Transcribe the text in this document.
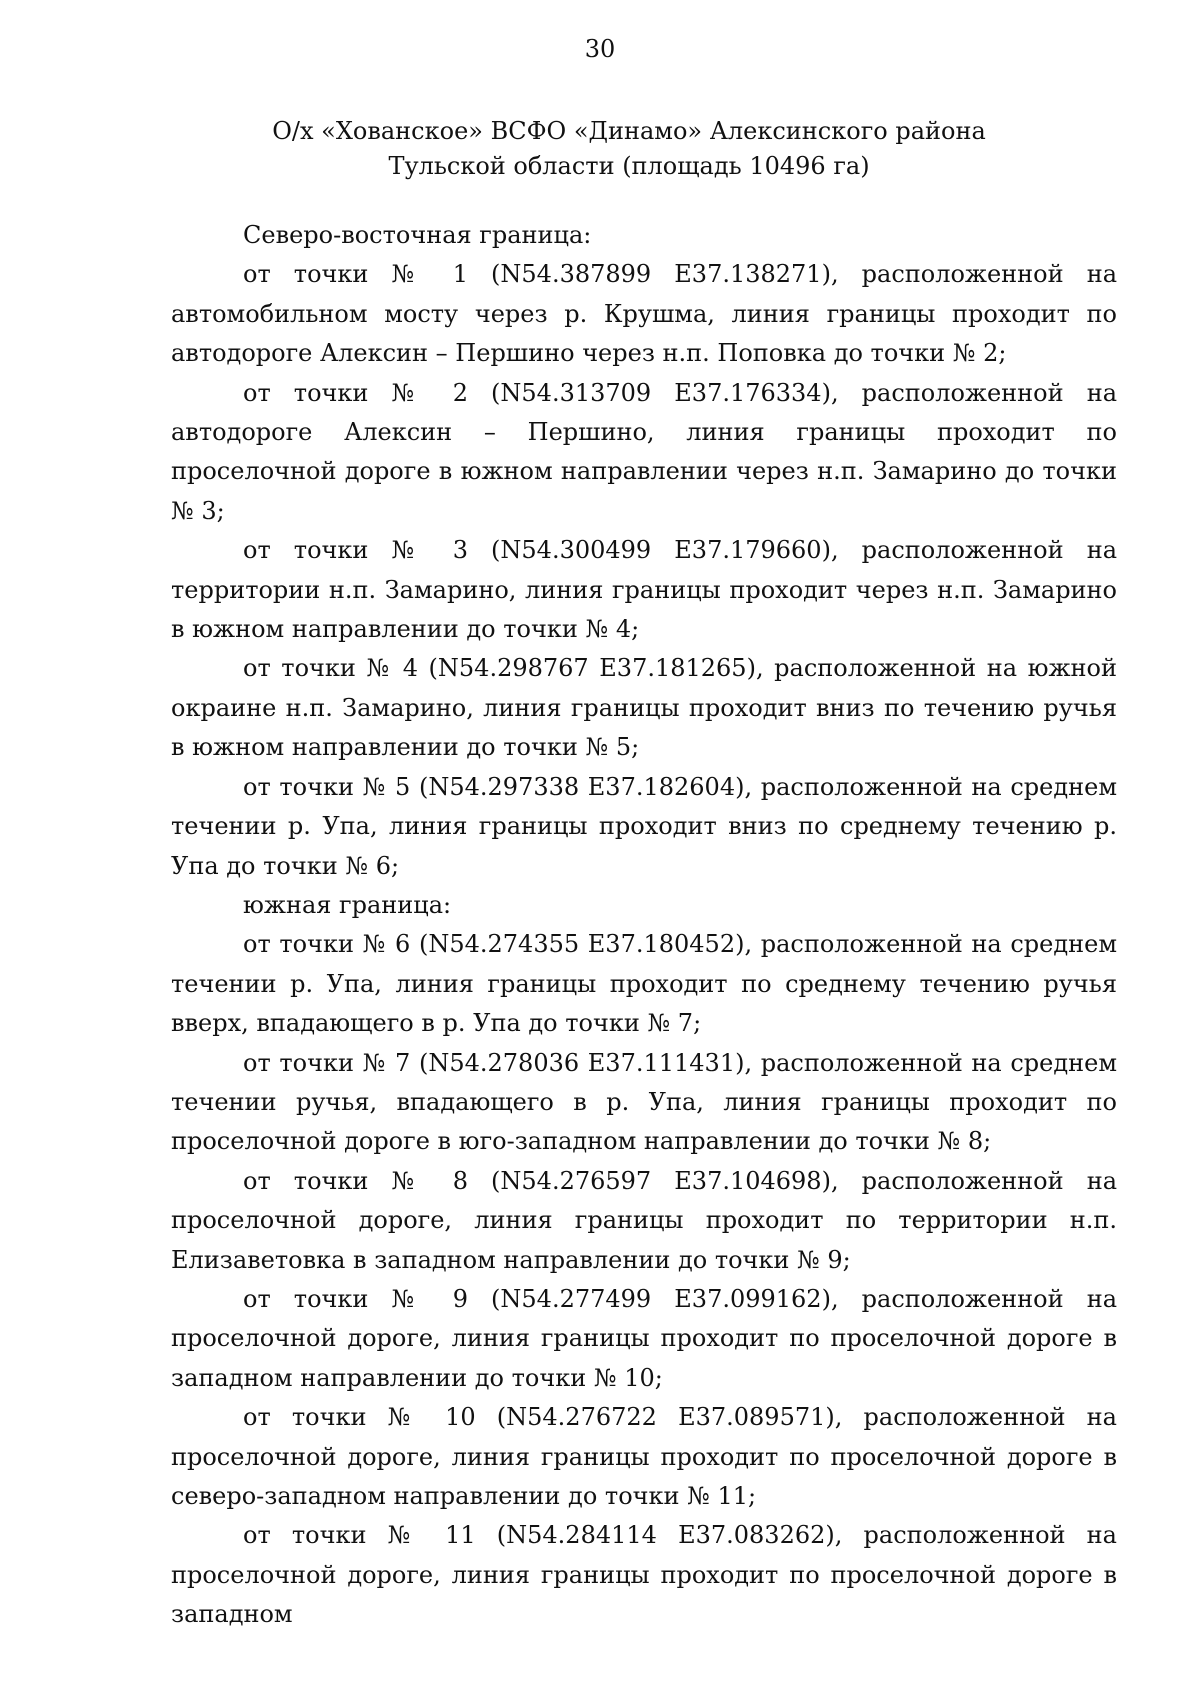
30
О/х «Хованское» ВСФО «Динамо» Алексинского района
Тульской области (площадь 10496 га)

Северо-восточная граница:

от точки № 1 (N54.387899 E37.138271), расположенной на автомобильном мосту через р. Крушма, линия границы проходит по автодороге Алексин – Першино через н.п. Поповка до точки № 2;

от точки № 2 (N54.313709 E37.176334), расположенной на автодороге Алексин – Першино, линия границы проходит по проселочной дороге в южном направлении через н.п. Замарино до точки № 3;

от точки № 3 (N54.300499 E37.179660), расположенной на территории н.п. Замарино, линия границы проходит через н.п. Замарино в южном направлении до точки № 4;

от точки № 4 (N54.298767 E37.181265), расположенной на южной окраине н.п. Замарино, линия границы проходит вниз по течению ручья в южном направлении до точки № 5;

от точки № 5 (N54.297338 E37.182604), расположенной на среднем течении р. Упа, линия границы проходит вниз по среднему течению р. Упа до точки № 6;

южная граница:

от точки № 6 (N54.274355 E37.180452), расположенной на среднем течении р. Упа, линия границы проходит по среднему течению ручья вверх, впадающего в р. Упа до точки № 7;

от точки № 7 (N54.278036 E37.111431), расположенной на среднем течении ручья, впадающего в р. Упа, линия границы проходит по проселочной дороге в юго-западном направлении до точки № 8;

от точки № 8 (N54.276597 E37.104698), расположенной на проселочной дороге, линия границы проходит по территории н.п. Елизаветовка в западном направлении до точки № 9;

от точки № 9 (N54.277499 E37.099162), расположенной на проселочной дороге, линия границы проходит по проселочной дороге в западном направлении до точки № 10;

от точки № 10 (N54.276722 E37.089571), расположенной на проселочной дороге, линия границы проходит по проселочной дороге в северо-западном направлении до точки № 11;

от точки № 11 (N54.284114 E37.083262), расположенной на проселочной дороге, линия границы проходит по проселочной дороге в западном
